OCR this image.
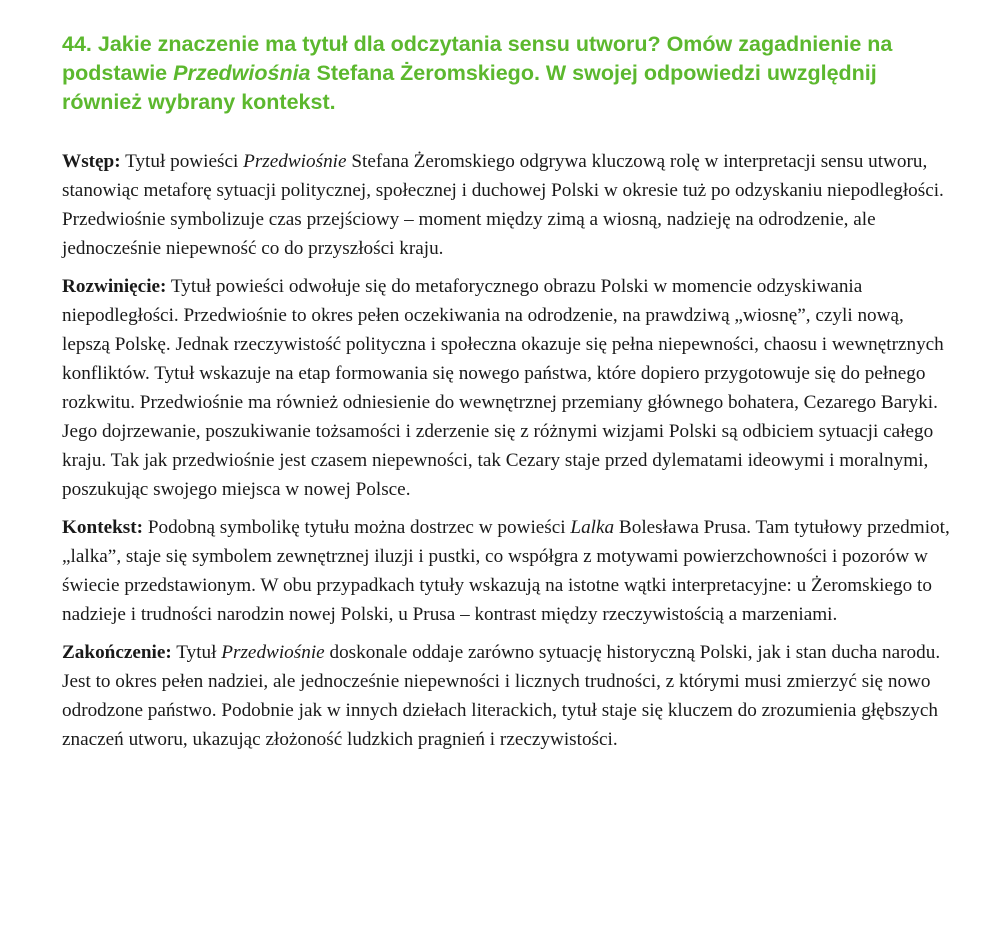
44. Jakie znaczenie ma tytuł dla odczytania sensu utworu? Omów zagadnienie na podstawie Przedwiośnia Stefana Żeromskiego. W swojej odpowiedzi uwzględnij również wybrany kontekst.

Wstęp: Tytuł powieści Przedwiośnie Stefana Żeromskiego odgrywa kluczową rolę w interpretacji sensu utworu, stanowiąc metaforę sytuacji politycznej, społecznej i duchowej Polski w okresie tuż po odzyskaniu niepodległości. Przedwiośnie symbolizuje czas przejściowy – moment między zimą a wiosną, nadzieję na odrodzenie, ale jednocześnie niepewność co do przyszłości kraju.

Rozwinięcie: Tytuł powieści odwołuje się do metaforycznego obrazu Polski w momencie odzyskiwania niepodległości. Przedwiośnie to okres pełen oczekiwania na odrodzenie, na prawdziwą „wiosnę”, czyli nową, lepszą Polskę. Jednak rzeczywistość polityczna i społeczna okazuje się pełna niepewności, chaosu i wewnętrznych konfliktów. Tytuł wskazuje na etap formowania się nowego państwa, które dopiero przygotowuje się do pełnego rozkwitu. Przedwiośnie ma również odniesienie do wewnętrznej przemiany głównego bohatera, Cezarego Baryki. Jego dojrzewanie, poszukiwanie tożsamości i zderzenie się z różnymi wizjami Polski są odbiciem sytuacji całego kraju. Tak jak przedwiośnie jest czasem niepewności, tak Cezary staje przed dylematami ideowymi i moralnymi, poszukując swojego miejsca w nowej Polsce.

Kontekst: Podobną symbolikę tytułu można dostrzec w powieści Lalka Bolesława Prusa. Tam tytułowy przedmiot, „lalka”, staje się symbolem zewnętrznej iluzji i pustki, co współgra z motywami powierzchowności i pozorów w świecie przedstawionym. W obu przypadkach tytuły wskazują na istotne wątki interpretacyjne: u Żeromskiego to nadzieje i trudności narodzin nowej Polski, u Prusa – kontrast między rzeczywistością a marzeniami.

Zakończenie: Tytuł Przedwiośnie doskonale oddaje zarówno sytuację historyczną Polski, jak i stan ducha narodu. Jest to okres pełen nadziei, ale jednocześnie niepewności i licznych trudności, z którymi musi zmierzyć się nowo odrodzone państwo. Podobnie jak w innych dziełach literackich, tytuł staje się kluczem do zrozumienia głębszych znaczeń utworu, ukazując złożoność ludzkich pragnień i rzeczywistości.
